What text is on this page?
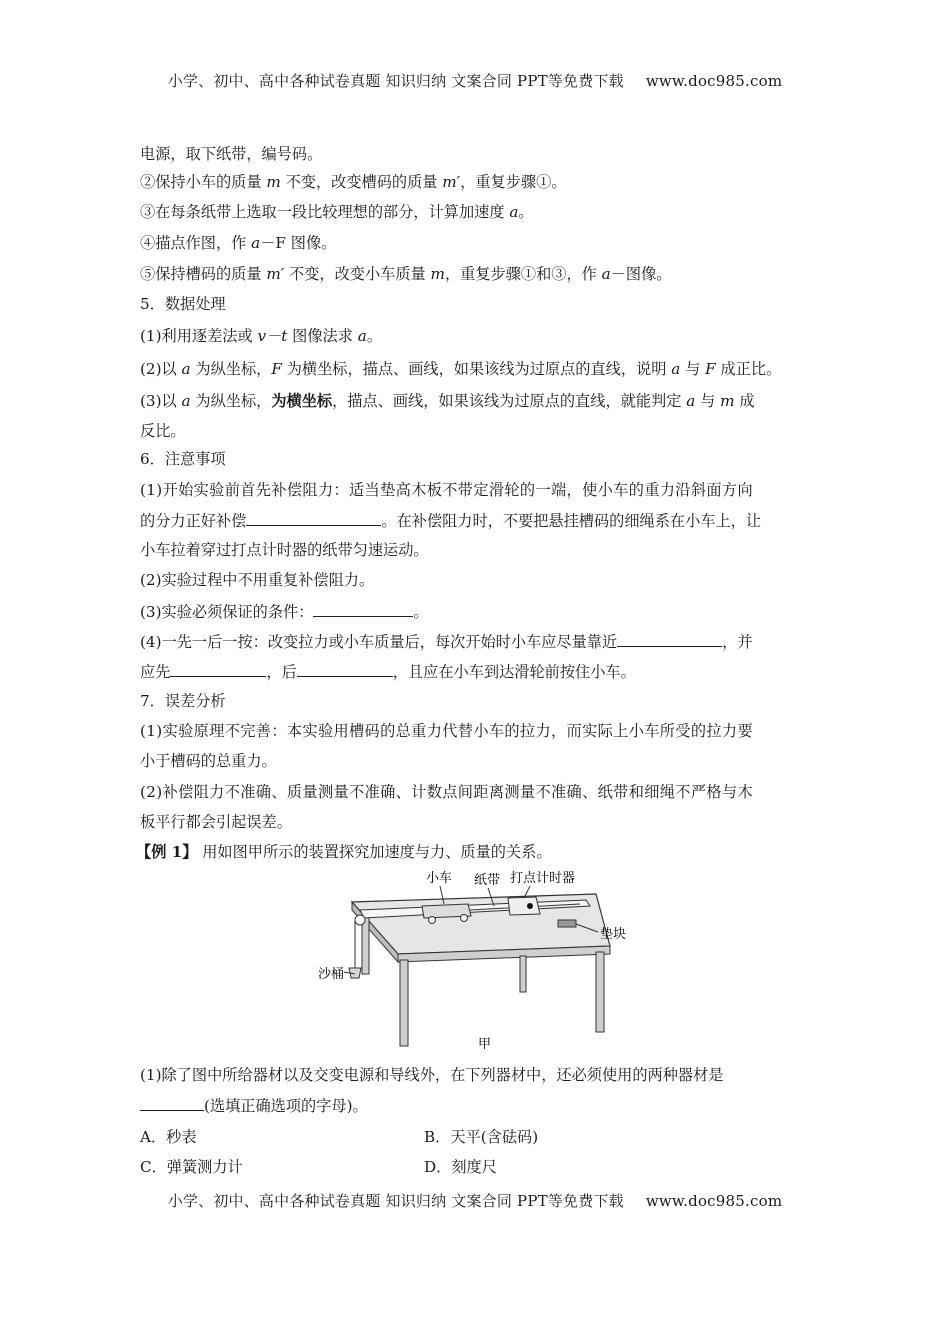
小学、初中、高中各种试卷真题 知识归纳 文案合同 PPT等免费下载 www.doc985.com
电源，取下纸带，编号码。
②保持小车的质量 m 不变，改变槽码的质量 m′，重复步骤①。
③在每条纸带上选取一段比较理想的部分，计算加速度 a。
④描点作图，作 a－F 图像。
⑤保持槽码的质量 m′ 不变，改变小车质量 m，重复步骤①和③，作 a－图像。
5．数据处理
(1)利用逐差法或 v－t 图像法求 a。
(2)以 a 为纵坐标，F 为横坐标，描点、画线，如果该线为过原点的直线，说明 a 与 F 成正比。
(3)以 a 为纵坐标，为横坐标，描点、画线，如果该线为过原点的直线，就能判定 a 与 m 成
反比。
6．注意事项
(1)开始实验前首先补偿阻力：适当垫高木板不带定滑轮的一端，使小车的重力沿斜面方向
的分力正好补偿	。在补偿阻力时，不要把悬挂槽码的细绳系在小车上，让
小车拉着穿过打点计时器的纸带匀速运动。
(2)实验过程中不用重复补偿阻力。
(3)实验必须保证的条件：	。
(4)一先一后一按：改变拉力或小车质量后，每次开始时小车应尽量靠近	，并
应先	，后	，且应在小车到达滑轮前按住小车。
7．误差分析
(1)实验原理不完善：本实验用槽码的总重力代替小车的拉力，而实际上小车所受的拉力要
小于槽码的总重力。
(2)补偿阻力不准确、质量测量不准确、计数点间距离测量不准确、纸带和细绳不严格与木
板平行都会引起误差。
【例 1】 用如图甲所示的装置探究加速度与力、质量的关系。
小车 纸带 打点计时器
垫块
沙桶
甲
(1)除了图中所给器材以及交变电源和导线外，在下列器材中，还必须使用的两种器材是
(选填正确选项的字母)。
A．秒表	B．天平(含砝码)
C．弹簧测力计	D．刻度尺
小学、初中、高中各种试卷真题 知识归纳 文案合同 PPT等免费下载 www.doc985.com
